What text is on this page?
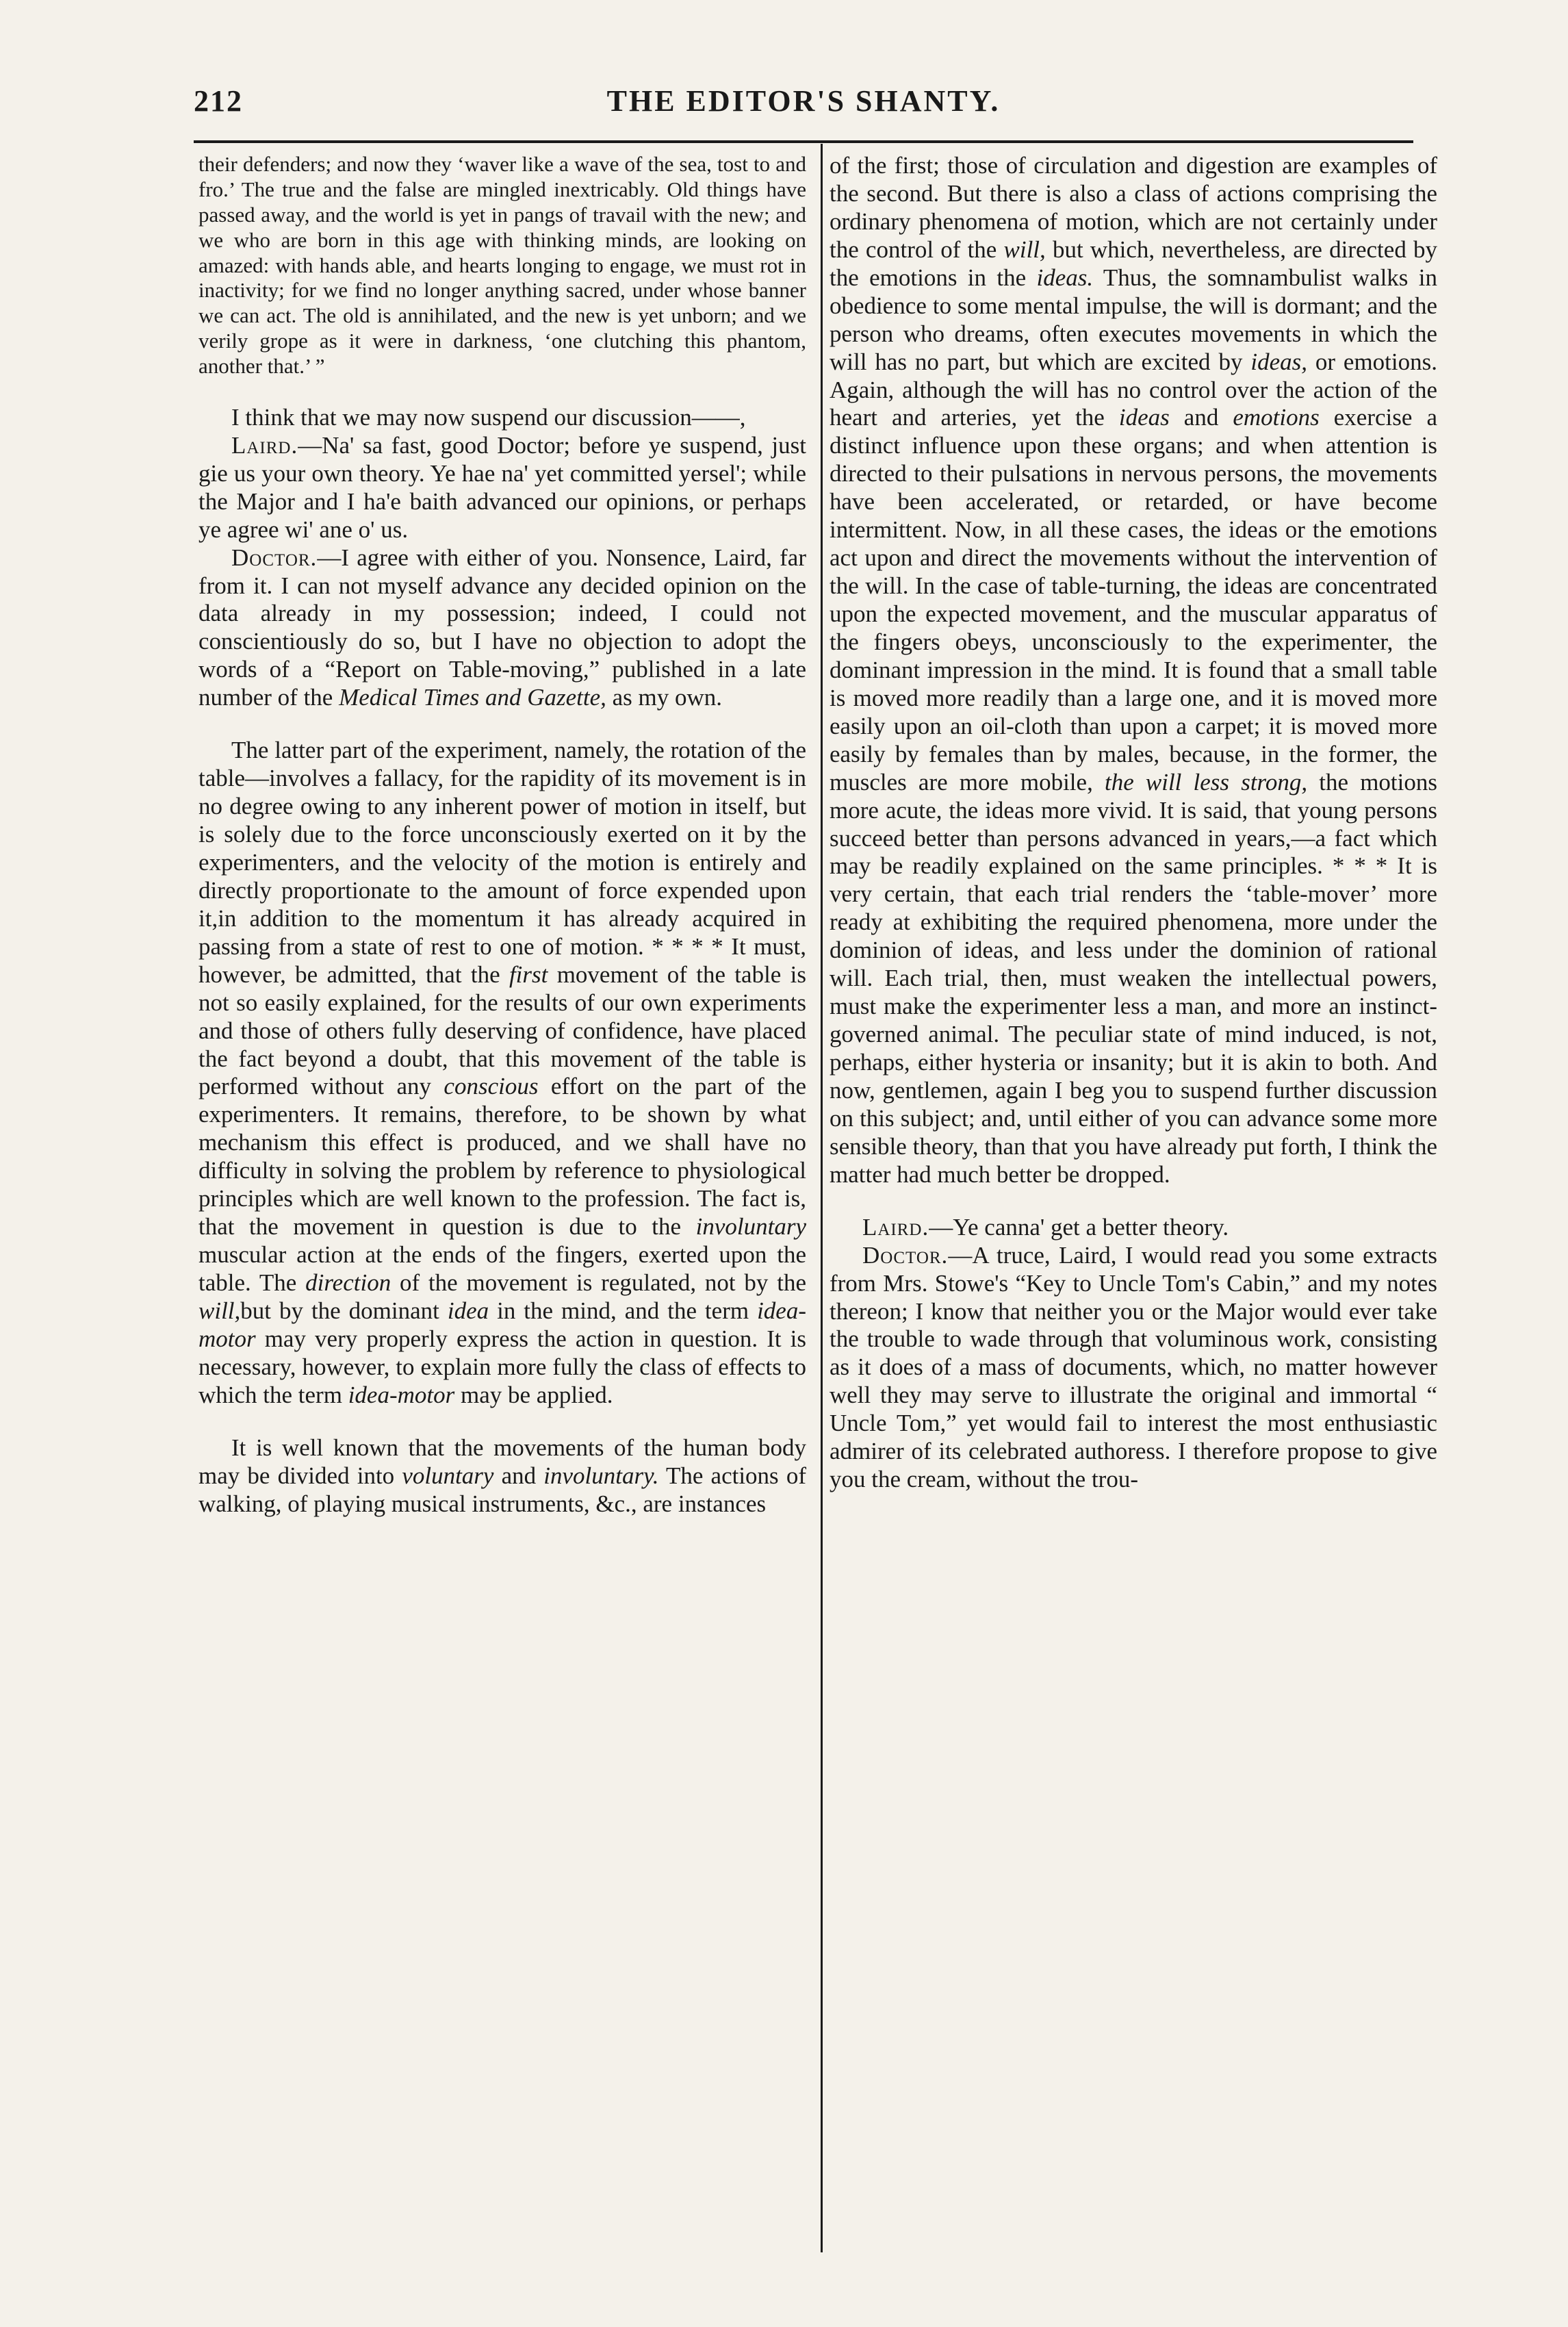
212	THE EDITOR'S SHANTY.

their defenders; and now they ‘waver like a wave of the sea, tost to and fro.’ The true and the false are mingled inextricably. Old things have passed away, and the world is yet in pangs of travail with the new; and we who are born in this age with thinking minds, are looking on amazed: with hands able, and hearts longing to engage, we must rot in inactivity; for we find no longer anything sacred, under whose banner we can act. The old is annihilated, and the new is yet unborn; and we verily grope as it were in darkness, ‘one clutching this phantom, another that.’ ”

I think that we may now suspend our discussion——,

Laird.—Na' sa fast, good Doctor; before ye suspend, just gie us your own theory. Ye hae na' yet committed yersel'; while the Major and I ha'e baith advanced our opinions, or perhaps ye agree wi' ane o' us.

Doctor.—I agree with either of you. Nonsence, Laird, far from it. I can not myself advance any decided opinion on the data already in my possession; indeed, I could not conscientiously do so, but I have no objection to adopt the words of a “Report on Table-moving,” published in a late number of the Medical Times and Gazette, as my own.

The latter part of the experiment, namely, the rotation of the table—involves a fallacy, for the rapidity of its movement is in no degree owing to any inherent power of motion in itself, but is solely due to the force unconsciously exerted on it by the experimenters, and the velocity of the motion is entirely and directly proportionate to the amount of force expended upon it,in addition to the momentum it has already acquired in passing from a state of rest to one of motion. * * * * It must, however, be admitted, that the first movement of the table is not so easily explained, for the results of our own experiments and those of others fully deserving of confidence, have placed the fact beyond a doubt, that this movement of the table is performed without any conscious effort on the part of the experimenters. It remains, therefore, to be shown by what mechanism this effect is produced, and we shall have no difficulty in solving the problem by reference to physiological principles which are well known to the profession. The fact is, that the movement in question is due to the involuntary muscular action at the ends of the fingers, exerted upon the table. The direction of the movement is regulated, not by the will,but by the dominant idea in the mind, and the term idea-motor may very properly express the action in question. It is necessary, however, to explain more fully the class of effects to which the term idea-motor may be applied.

It is well known that the movements of the human body may be divided into voluntary and involuntary. The actions of walking, of playing musical instruments, &c., are instances

of the first; those of circulation and digestion are examples of the second. But there is also a class of actions comprising the ordinary phenomena of motion, which are not certainly under the control of the will, but which, nevertheless, are directed by the emotions in the ideas. Thus, the somnambulist walks in obedience to some mental impulse, the will is dormant; and the person who dreams, often executes movements in which the will has no part, but which are excited by ideas, or emotions. Again, although the will has no control over the action of the heart and arteries, yet the ideas and emotions exercise a distinct influence upon these organs; and when attention is directed to their pulsations in nervous persons, the movements have been accelerated, or retarded, or have become intermittent. Now, in all these cases, the ideas or the emotions act upon and direct the movements without the intervention of the will. In the case of table-turning, the ideas are concentrated upon the expected movement, and the muscular apparatus of the fingers obeys, unconsciously to the experimenter, the dominant impression in the mind. It is found that a small table is moved more readily than a large one, and it is moved more easily upon an oil-cloth than upon a carpet; it is moved more easily by females than by males, because, in the former, the muscles are more mobile, the will less strong, the motions more acute, the ideas more vivid. It is said, that young persons succeed better than persons advanced in years,—a fact which may be readily explained on the same principles. * * * It is very certain, that each trial renders the ‘table-mover’ more ready at exhibiting the required phenomena, more under the dominion of ideas, and less under the dominion of rational will. Each trial, then, must weaken the intellectual powers, must make the experimenter less a man, and more an instinct-governed animal. The peculiar state of mind induced, is not, perhaps, either hysteria or insanity; but it is akin to both. And now, gentlemen, again I beg you to suspend further discussion on this subject; and, until either of you can advance some more sensible theory, than that you have already put forth, I think the matter had much better be dropped.

Laird.—Ye canna' get a better theory.

Doctor.—A truce, Laird, I would read you some extracts from Mrs. Stowe's “Key to Uncle Tom's Cabin,” and my notes thereon; I know that neither you or the Major would ever take the trouble to wade through that voluminous work, consisting as it does of a mass of documents, which, no matter however well they may serve to illustrate the original and immortal “ Uncle Tom,” yet would fail to interest the most enthusiastic admirer of its celebrated authoress. I therefore propose to give you the cream, without the trou-
